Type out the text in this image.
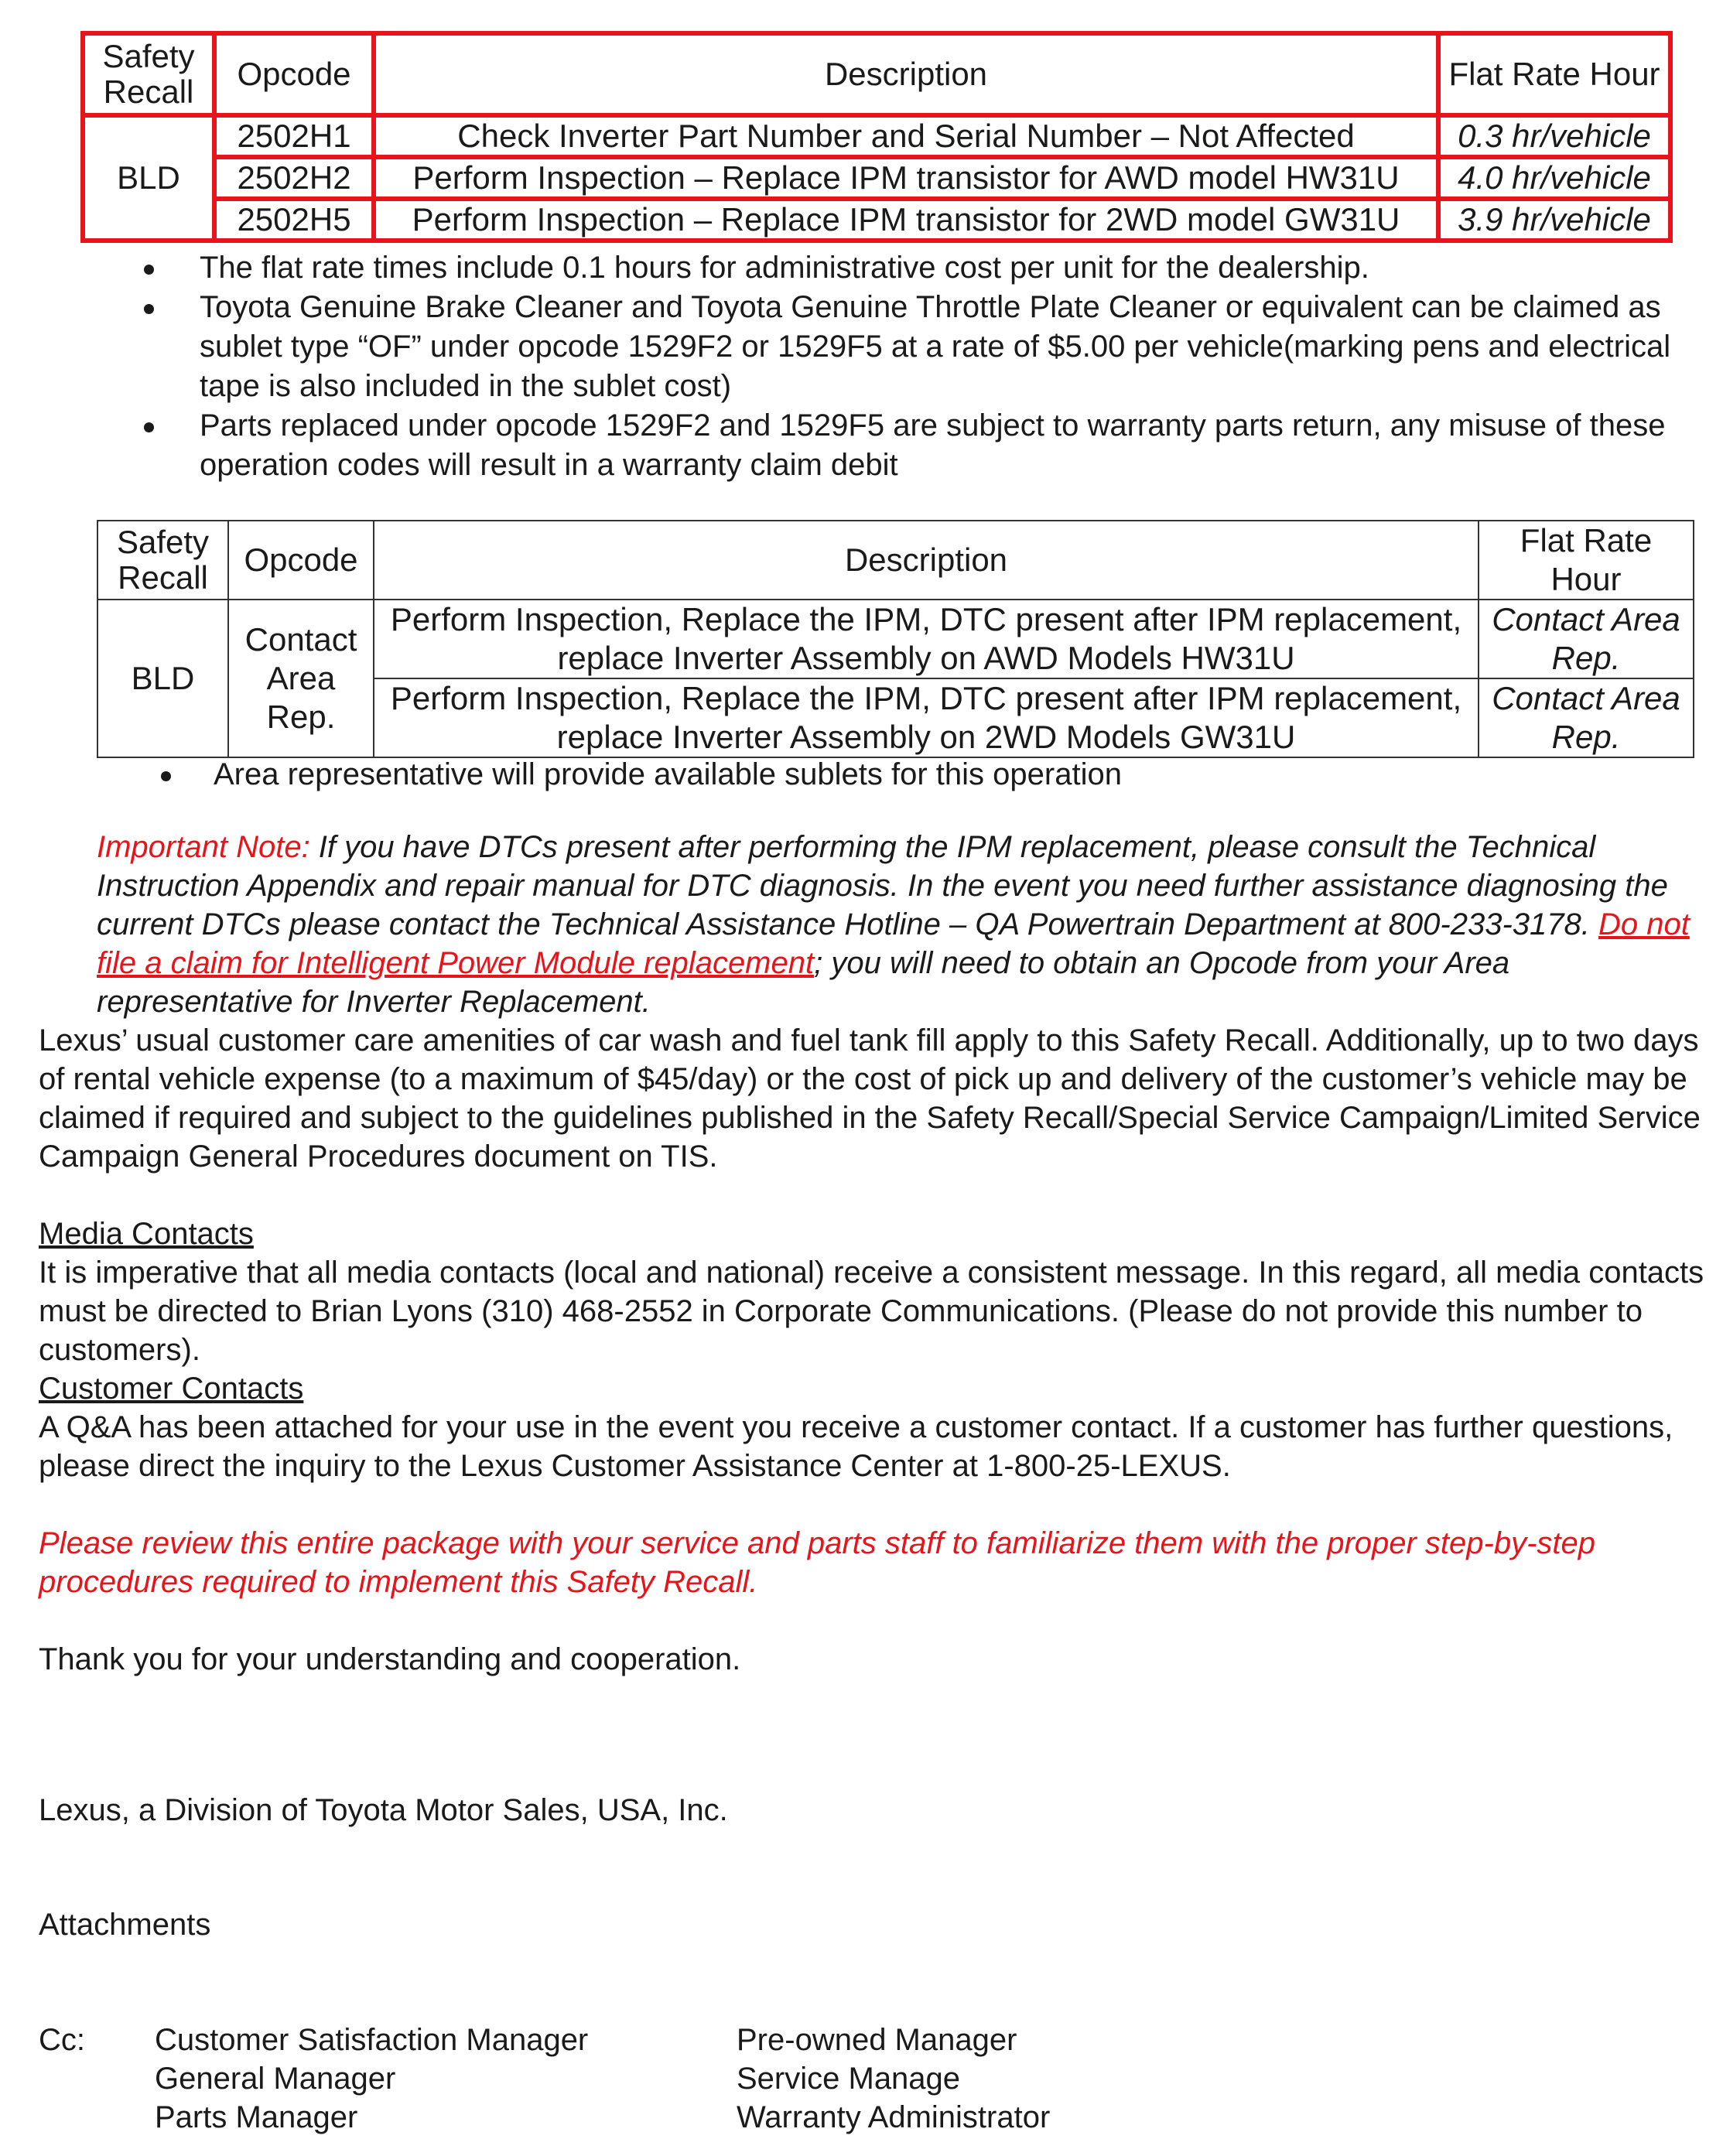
Safety Recall	Opcode	Description	Flat Rate Hour
BLD	2502H1	Check Inverter Part Number and Serial Number – Not Affected	0.3 hr/vehicle
	2502H2	Perform Inspection – Replace IPM transistor for AWD model HW31U	4.0 hr/vehicle
	2502H5	Perform Inspection – Replace IPM transistor for 2WD model GW31U	3.9 hr/vehicle
The flat rate times include 0.1 hours for administrative cost per unit for the dealership.
Toyota Genuine Brake Cleaner and Toyota Genuine Throttle Plate Cleaner or equivalent can be claimed as sublet type “OF” under opcode 1529F2 or 1529F5 at a rate of $5.00 per vehicle(marking pens and electrical tape is also included in the sublet cost)
Parts replaced under opcode 1529F2 and 1529F5 are subject to warranty parts return, any misuse of these operation codes will result in a warranty claim debit
Safety Recall	Opcode	Description	Flat Rate Hour
BLD	Contact Area Rep.	Perform Inspection, Replace the IPM, DTC present after IPM replacement, replace Inverter Assembly on AWD Models HW31U	Contact Area Rep.
		Perform Inspection, Replace the IPM, DTC present after IPM replacement, replace Inverter Assembly on 2WD Models GW31U	Contact Area Rep.
Area representative will provide available sublets for this operation

Important Note: If you have DTCs present after performing the IPM replacement, please consult the Technical Instruction Appendix and repair manual for DTC diagnosis. In the event you need further assistance diagnosing the current DTCs please contact the Technical Assistance Hotline – QA Powertrain Department at 800-233-3178. Do not file a claim for Intelligent Power Module replacement; you will need to obtain an Opcode from your Area representative for Inverter Replacement.

Lexus’ usual customer care amenities of car wash and fuel tank fill apply to this Safety Recall. Additionally, up to two days of rental vehicle expense (to a maximum of $45/day) or the cost of pick up and delivery of the customer’s vehicle may be claimed if required and subject to the guidelines published in the Safety Recall/Special Service Campaign/Limited Service Campaign General Procedures document on TIS.

Media Contacts
It is imperative that all media contacts (local and national) receive a consistent message. In this regard, all media contacts must be directed to Brian Lyons (310) 468-2552 in Corporate Communications. (Please do not provide this number to customers).
Customer Contacts
A Q&A has been attached for your use in the event you receive a customer contact. If a customer has further questions, please direct the inquiry to the Lexus Customer Assistance Center at 1-800-25-LEXUS.

Please review this entire package with your service and parts staff to familiarize them with the proper step-by-step procedures required to implement this Safety Recall.

Thank you for your understanding and cooperation.

Lexus, a Division of Toyota Motor Sales, USA, Inc.

Attachments

Cc: Customer Satisfaction Manager
General Manager
Parts Manager
Pre-owned Manager
Service Manage
Warranty Administrator
